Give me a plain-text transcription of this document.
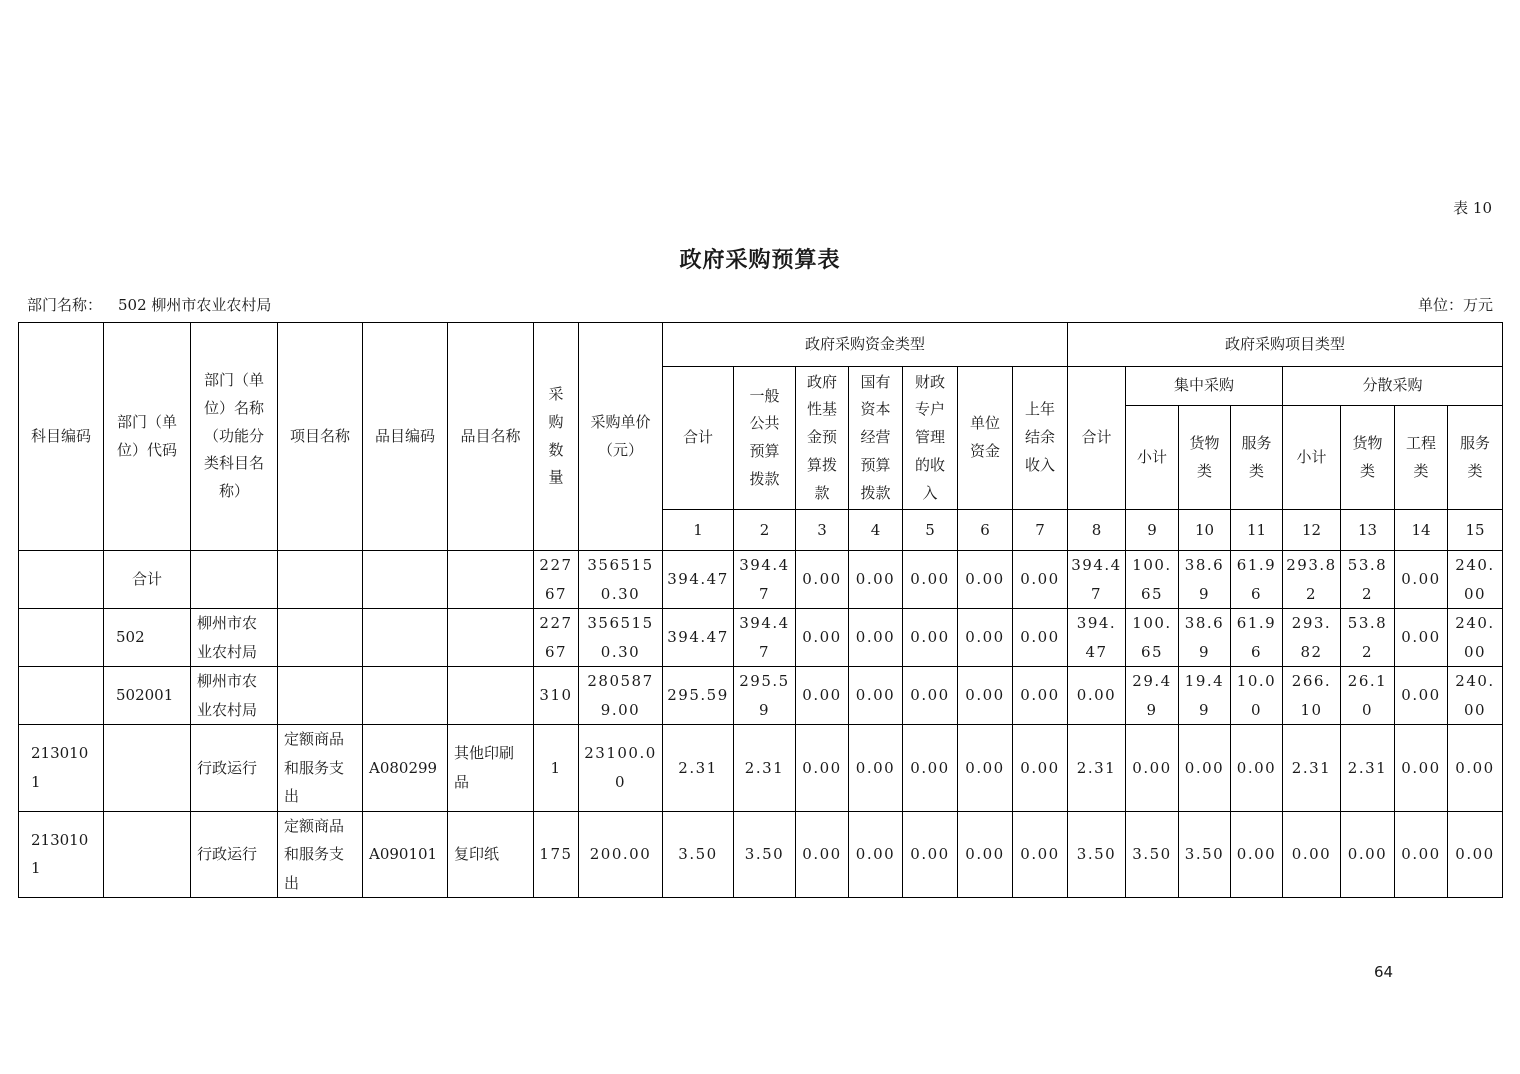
表 10
政府采购预算表
部门名称： 502 柳州市农业农村局	单位：万元
科目编码	部门（单位）代码	部门（单位）名称（功能分类科目名称）	项目名称	品目编码	品目名称	采购数量	采购单价（元）	政府采购资金类型							政府采购项目类型							
								合计	一般公共预算拨款	政府性基金预算拨款	国有资本经营预算拨款	财政专户管理的收入	单位资金	上年结余收入	合计	集中采购			分散采购			
																小计	货物类	服务类	小计	货物类	工程类	服务类
								1	2	3	4	5	6	7	8	9	10	11	12	13	14	15
	合计					22767	3565150.30	394.47	394.47	0.00	0.00	0.00	0.00	0.00	394.47	100.65	38.69	61.96	293.82	53.82	0.00	240.00
	502	柳州市农业农村局				22767	3565150.30	394.47	394.47	0.00	0.00	0.00	0.00	0.00	394.47	100.65	38.69	61.96	293.82	53.82	0.00	240.00
	502001	柳州市农业农村局				310	2805879.00	295.59	295.59	0.00	0.00	0.00	0.00	0.00	0.00	29.49	19.49	10.00	266.10	26.10	0.00	240.00
2130101		行政运行	定额商品和服务支出	A080299	其他印刷品	1	23100.00	2.31	2.31	0.00	0.00	0.00	0.00	0.00	2.31	0.00	0.00	0.00	2.31	2.31	0.00	0.00
2130101		行政运行	定额商品和服务支出	A090101	复印纸	175	200.00	3.50	3.50	0.00	0.00	0.00	0.00	0.00	3.50	3.50	3.50	0.00	0.00	0.00	0.00	0.00
64
